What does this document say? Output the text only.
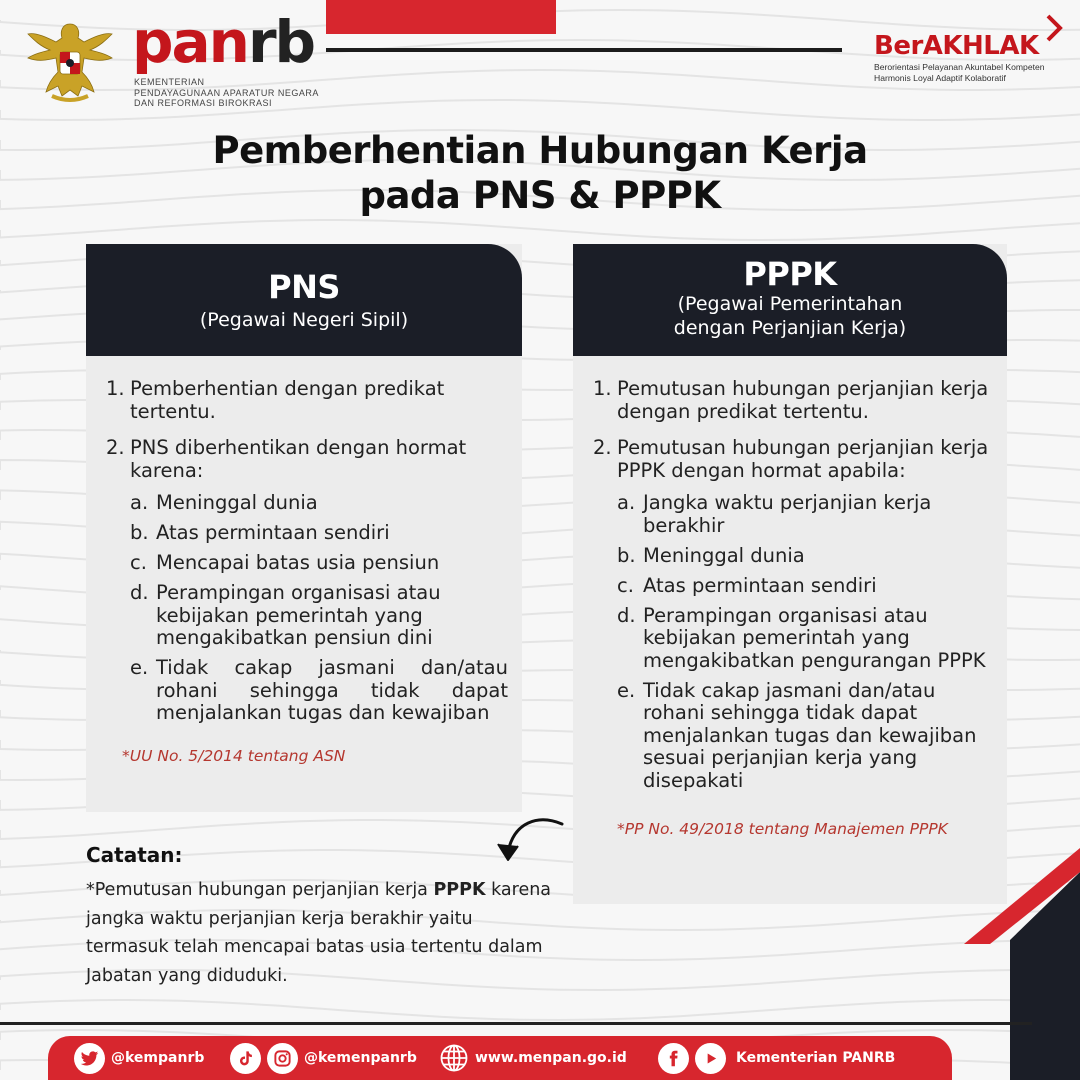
panrb
KEMENTERIAN
PENDAYAGUNAAN APARATUR NEGARA
DAN REFORMASI BIROKRASI
BerAKHLAK
Berorientasi Pelayanan Akuntabel Kompeten
Harmonis Loyal Adaptif Kolaboratif
Pemberhentian Hubungan Kerja
pada PNS & PPPK
PNS
(Pegawai Negeri Sipil)
1. Pemberhentian dengan predikat tertentu.
2. PNS diberhentikan dengan hormat karena:
a. Meninggal dunia
b. Atas permintaan sendiri
c. Mencapai batas usia pensiun
d. Perampingan organisasi atau kebijakan pemerintah yang mengakibatkan pensiun dini
e. Tidak cakap jasmani dan/atau rohani sehingga tidak dapat menjalankan tugas dan kewajiban
*UU No. 5/2014 tentang ASN
PPPK
(Pegawai Pemerintahan
dengan Perjanjian Kerja)
1. Pemutusan hubungan perjanjian kerja dengan predikat tertentu.
2. Pemutusan hubungan perjanjian kerja PPPK dengan hormat apabila:
a. Jangka waktu perjanjian kerja berakhir
b. Meninggal dunia
c. Atas permintaan sendiri
d. Perampingan organisasi atau kebijakan pemerintah yang mengakibatkan pengurangan PPPK
e. Tidak cakap jasmani dan/atau rohani sehingga tidak dapat menjalankan tugas dan kewajiban sesuai perjanjian kerja yang disepakati
*PP No. 49/2018 tentang Manajemen PPPK
Catatan:
*Pemutusan hubungan perjanjian kerja PPPK karena jangka waktu perjanjian kerja berakhir yaitu termasuk telah mencapai batas usia tertentu dalam Jabatan yang diduduki.
@kempanrb	@kemenpanrb	www.menpan.go.id	Kementerian PANRB
